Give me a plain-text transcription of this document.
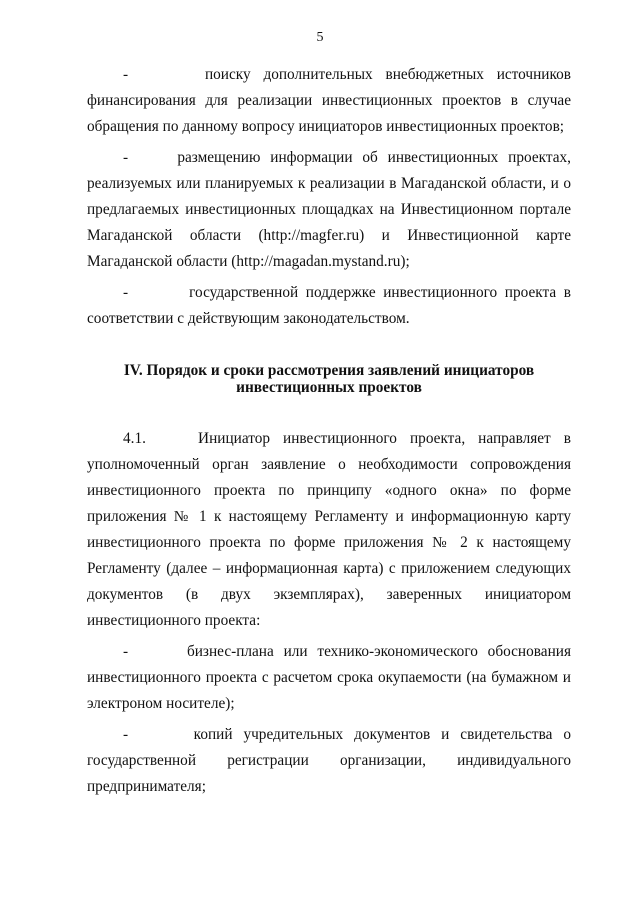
5

-      поиску дополнительных внебюджетных источников финансирования для реализации инвестиционных проектов в случае обращения по данному вопросу инициаторов инвестиционных проектов;

-     размещению информации об инвестиционных проектах, реализуемых или планируемых к реализации в Магаданской области, и о предлагаемых инвестиционных площадках на Инвестиционном портале Магаданской области (http://magfer.ru) и Инвестиционной карте Магаданской области (http://magadan.mystand.ru);

-        государственной поддержке инвестиционного проекта в соответствии с действующим законодательством.

IV. Порядок и сроки рассмотрения заявлений инициаторов
инвестиционных проектов

4.1.    Инициатор инвестиционного проекта, направляет в уполномоченный орган заявление о необходимости сопровождения инвестиционного проекта по принципу «одного окна» по форме приложения № 1 к настоящему Регламенту и информационную карту инвестиционного проекта по форме приложения № 2 к настоящему Регламенту (далее – информационная карта) с приложением следующих документов (в двух экземплярах), заверенных инициатором инвестиционного проекта:

-      бизнес-плана или технико-экономического обоснования инвестиционного проекта с расчетом срока окупаемости (на бумажном и электроном носителе);

-      копий учредительных документов и свидетельства о государственной регистрации организации, индивидуального предпринимателя;
